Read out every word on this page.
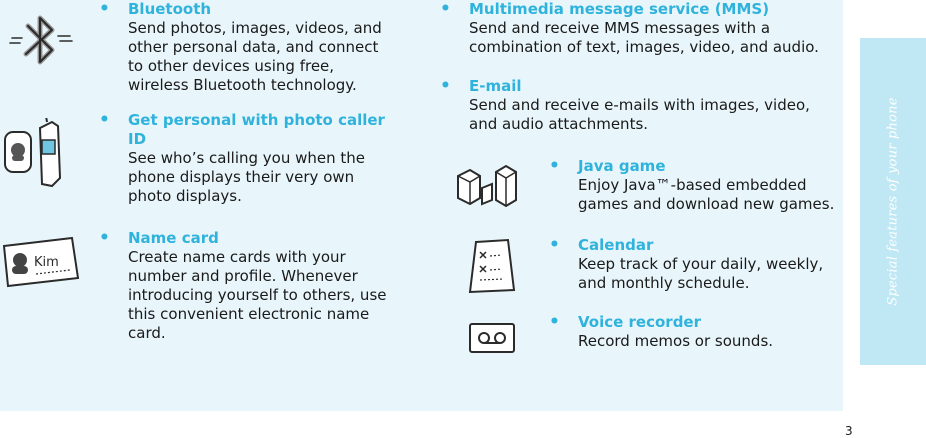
Special features of your phone
3
Kim
• Bluetooth
Send photos, images, videos, and other personal data, and connect to other devices using free, wireless Bluetooth technology.
• Get personal with photo caller ID
See who’s calling you when the phone displays their very own photo displays.
• Name card
Create name cards with your number and profile. Whenever introducing yourself to others, use this convenient electronic name card.
• Multimedia message service (MMS)
Send and receive MMS messages with a combination of text, images, video, and audio.
• E-mail
Send and receive e-mails with images, video, and audio attachments.
• Java game
Enjoy Java™-based embedded games and download new games.
• Calendar
Keep track of your daily, weekly, and monthly schedule.
• Voice recorder
Record memos or sounds.
